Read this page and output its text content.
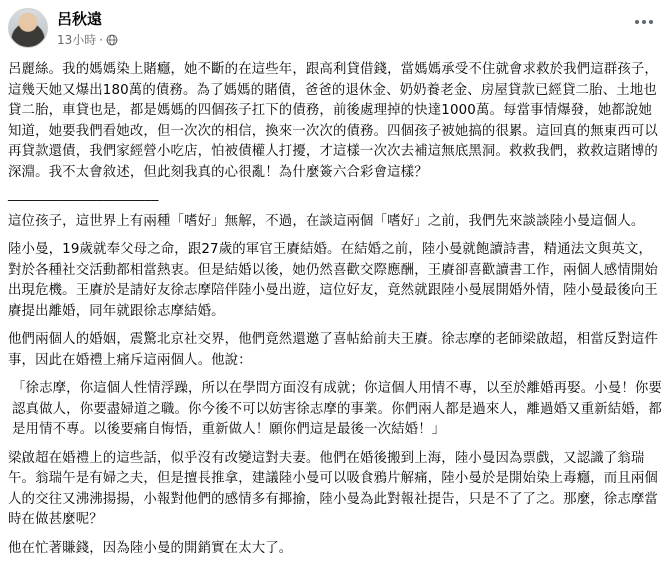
呂秋遠
13小時 ·

呂麗絲。我的媽媽染上賭癮，她不斷的在這些年，跟高利貸借錢，當媽媽承受不住就會求救於我們這群孩子，這幾天她又爆出180萬的債務。為了媽媽的賭債，爸爸的退休金、奶奶養老金、房屋貸款已經貸二胎、土地也貸二胎，車貸也是，都是媽媽的四個孩子扛下的債務，前後處理掉的快達1000萬。每當事情爆發，她都說她知道，她要我們看她改，但一次次的相信，換來一次次的債務。四個孩子被她搞的很累。這回真的無東西可以再貸款還債，我們家經營小吃店，怕被債權人打擾，才這樣一次次去補這無底黑洞。救救我們，救救這賭博的深淵。我不太會敘述，但此刻我真的心很亂！為什麼簽六合彩會這樣？

______________________

這位孩子，這世界上有兩種「嗜好」無解，不過，在談這兩個「嗜好」之前，我們先來談談陸小曼這個人。

陸小曼，19歲就奉父母之命，跟27歲的軍官王賡結婚。在結婚之前，陸小曼就飽讀詩書，精通法文與英文，對於各種社交活動都相當熱衷。但是結婚以後，她仍然喜歡交際應酬，王賡卻喜歡讀書工作，兩個人感情開始出現危機。王賡於是請好友徐志摩陪伴陸小曼出遊，這位好友，竟然就跟陸小曼展開婚外情，陸小曼最後向王賡提出離婚，同年就跟徐志摩結婚。

他們兩個人的婚姻，震驚北京社交界，他們竟然還邀了喜帖給前夫王賡。徐志摩的老師梁啟超，相當反對這件事，因此在婚禮上痛斥這兩個人。他說：

「徐志摩，你這個人性情浮躁，所以在學問方面沒有成就；你這個人用情不專，以至於離婚再娶。小曼！你要認真做人，你要盡婦道之職。你今後不可以妨害徐志摩的事業。你們兩人都是過來人，離過婚又重新結婚，都是用情不專。以後要痛自悔悟，重新做人！願你們這是最後一次結婚！」

梁啟超在婚禮上的這些話，似乎沒有改變這對夫妻。他們在婚後搬到上海，陸小曼因為票戲，又認識了翁瑞午。翁瑞午是有婦之夫，但是擅長推拿，建議陸小曼可以吸食鴉片解痛，陸小曼於是開始染上毒癮，而且兩個人的交往又沸沸揚揚，小報對他們的感情多有揶揄，陸小曼為此對報社提告，只是不了了之。那麼，徐志摩當時在做甚麼呢？

他在忙著賺錢，因為陸小曼的開銷實在太大了。
